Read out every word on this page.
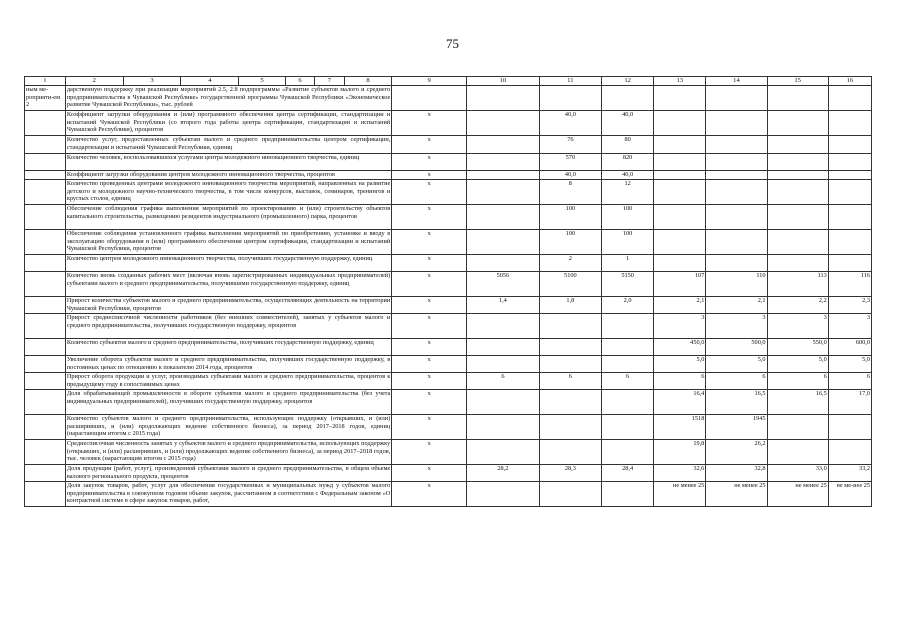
75
1	2	3	4	5	6	7	8	9	10	11	12	13	14	15	16
ным ме-роприяти-ем 2	дарственную поддержку при реализации мероприятий 2.5, 2.8 подпрограммы «Развитие субъектов малого и среднего предпринимательства в Чувашской Республике» государственной программы Чувашской Республики «Экономическое развитие Чувашской Республики», тыс. рублей														
	Коэффициент загрузки оборудования и (или) программного обеспечения центра сертификации, стандартизации и испытаний Чувашской Республики (со второго года работы центра сертификации, стандартизации и испытаний Чувашской Республики), процентов							x		40,0	40,0				
	Количество услуг, предоставленных субъектам малого и среднего предпринимательства центром сертификации, стандартизации и испытаний Чувашской Республики, единиц							x		76	80				
	Количество человек, воспользовавшихся услугами центра молодежного инновационного творчества, единиц							x		570	820				
	Коэффициент загрузки оборудования центров молодежного инновационного творчества, процентов							x		40,0	40,0				
	Количество проведенных центрами молодежного инновационного творчества мероприятий, направленных на развитие детского и молодежного научно-технического творчества, в том числе конкурсов, выставок, семинаров, тренингов и круглых столов, единиц							x		8	12				
	Обеспечение соблюдения графика выполнения мероприятий по проектированию и (или) строительству объектов капитального строительства, размещению резидентов индустриального (промышленного) парка, процентов							x		100	100				
	Обеспечение соблюдения установленного графика выполнения мероприятий по приобретению, установке и вводу в эксплуатацию оборудования и (или) программного обеспечения центром сертификации, стандартизации и испытаний Чувашской Республики, процентов							x		100	100				
	Количество центров молодежного инновационного творчества, получивших государственную поддержку, единиц							x		2	1				
	Количество вновь созданных рабочих мест (включая вновь зарегистрированных индивидуальных предпринимателей) субъектами малого и среднего предпринимательства, получившими государственную поддержку, единиц							x	5056	5100	5150	107	110	113	116
	Прирост количества субъектов малого и среднего предпринимательства, осуществляющих деятельность на территории Чувашской Республики, процентов							x	1,4	1,8	2,0	2,1	2,1	2,2	2,3
	Прирост среднесписочной численности работников (без внешних совместителей), занятых у субъектов малого и среднего предпринимательства, получивших государственную поддержку, процентов							x				3	3	3	3
	Количество субъектов малого и среднего предпринимательства, получивших государственную поддержку, единиц							x				450,0	500,0	550,0	600,0
	Увеличение оборота субъектов малого и среднего предпринимательства, получивших государственную поддержку, в постоянных ценах по отношению к показателю 2014 года, процентов							x				5,0	5,0	5,0	5,0
	Прирост оборота продукции и услуг, производимых субъектами малого и среднего предпринимательства, процентов к предыдущему году в сопоставимых ценах							x	6	6	6	6	6	6	6
	Доля обрабатывающей промышленности в обороте субъектов малого и среднего предпринимательства (без учета индивидуальных предпринимателей), получивших государственную поддержку, процентов							x				16,4	16,5	16,5	17,0
	Количество субъектов малого и среднего предпринимательства, использующих поддержку (открывших, и (или) расширивших, и (или) продолжающих ведение собственного бизнеса), за период 2017–2018 годов, единиц (нарастающим итогом с 2015 года)							x				1518	1945		
	Среднесписочная численность занятых у субъектов малого и среднего предпринимательства, использующих поддержку (открывших, и (или) расширивших, и (или) продолжающих ведение собственного бизнеса), за период 2017–2018 годов, тыс. человек (нарастающим итогом с 2015 года)							x				19,8	26,2		
	Доля продукции (работ, услуг), произведенной субъектами малого и среднего предпринимательства, в общем объеме валового регионального продукта, процентов							x	28,2	28,3	28,4	32,6	32,8	33,0	33,2
	Доля закупок товаров, работ, услуг для обеспечения государственных и муниципальных нужд у субъектов малого предпринимательства в совокупном годовом объеме закупок, рассчитанном в соответствии с Федеральным законом «О контрактной системе в сфере закупок товаров, работ,							x				не менее 25	не менее 25	не менее 25	не ме-нее 25
